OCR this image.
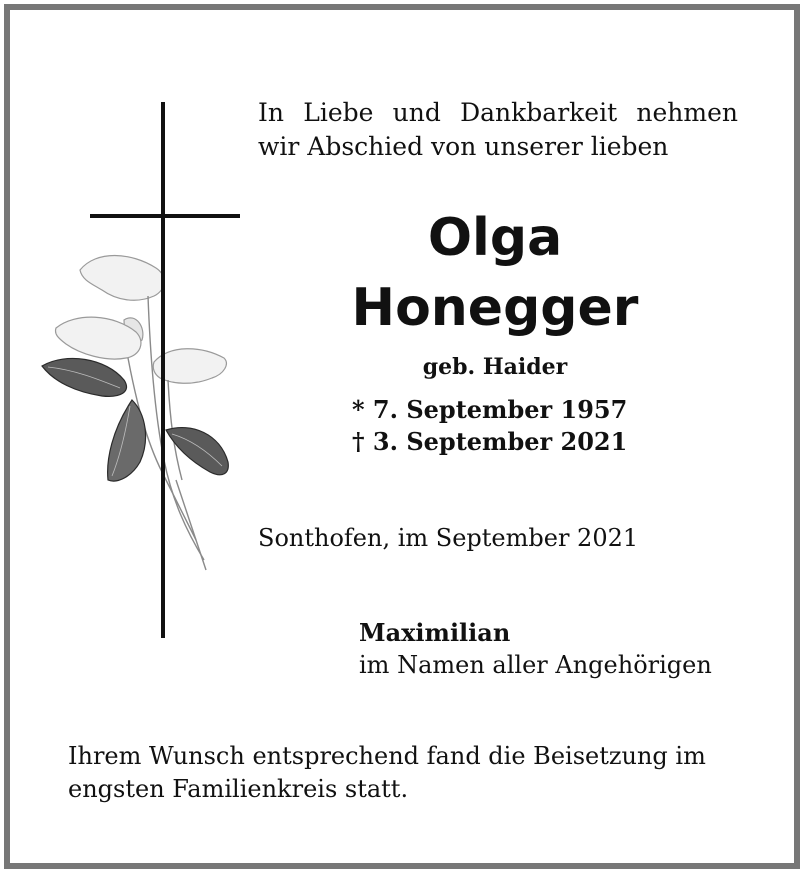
In Liebe und Dankbarkeit nehmen
wir Abschied von unserer lieben
Olga
Honegger
geb. Haider
* 7. September 1957
† 3. September 2021
Sonthofen, im September 2021
Maximilian
im Namen aller Angehörigen
Ihrem Wunsch entsprechend fand die Beisetzung im engsten Familienkreis statt.
